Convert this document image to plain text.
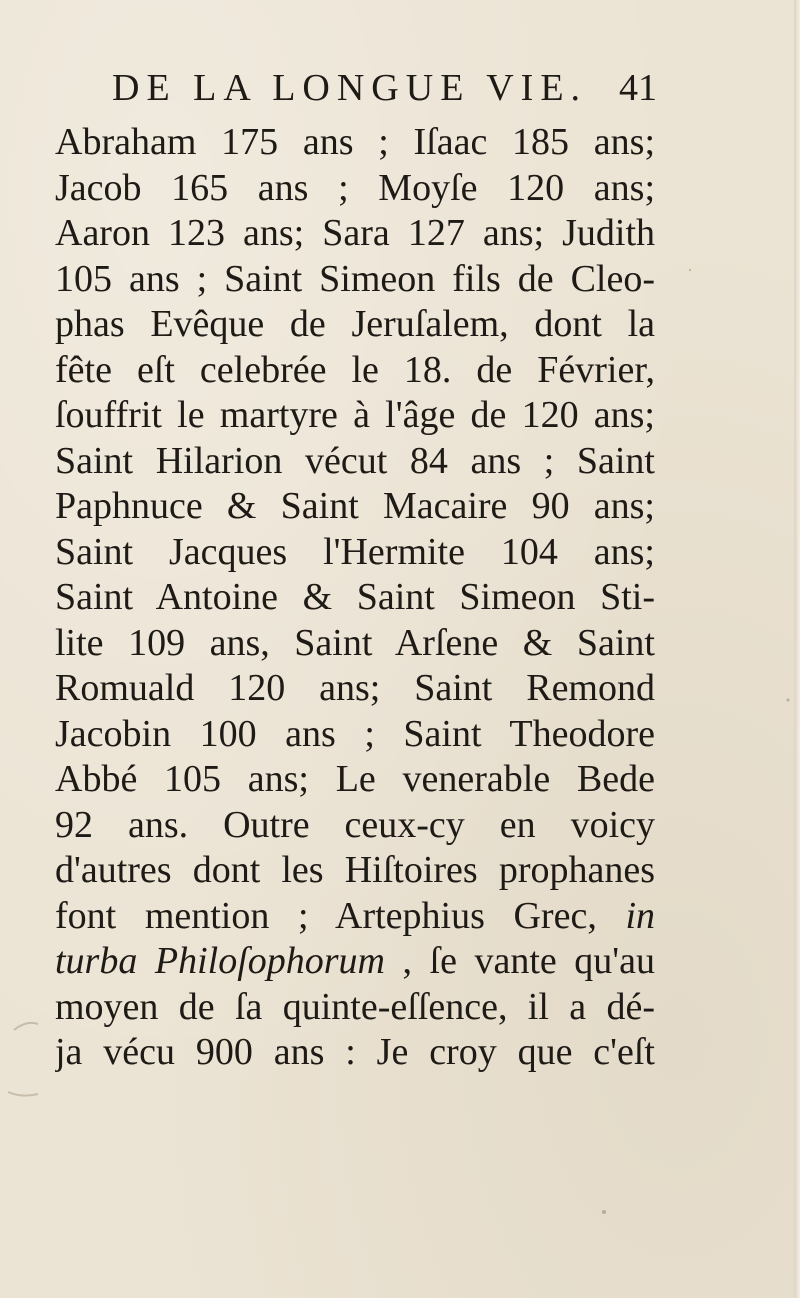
DE LA LONGUE VIE. 41
Abraham 175 ans ; Iſaac 185 ans;
Jacob 165 ans ; Moyſe 120 ans;
Aaron 123 ans; Sara 127 ans; Judith
105 ans ; Saint Simeon fils de Cleo-
phas Evêque de Jeruſalem, dont la
fête eſt celebrée le 18. de Février,
ſouffrit le martyre à l'âge de 120 ans;
Saint Hilarion vécut 84 ans ; Saint
Paphnuce & Saint Macaire 90 ans;
Saint Jacques l'Hermite 104 ans;
Saint Antoine & Saint Simeon Sti-
lite 109 ans, Saint Arſene & Saint
Romuald 120 ans; Saint Remond
Jacobin 100 ans ; Saint Theodore
Abbé 105 ans; Le venerable Bede
92 ans. Outre ceux-cy en voicy
d'autres dont les Hiſtoires prophanes
font mention ; Artephius Grec, in
turba Philoſophorum , ſe vante qu'au
moyen de ſa quinte-eſſence, il a dé-
ja vécu 900 ans : Je croy que c'eſt
